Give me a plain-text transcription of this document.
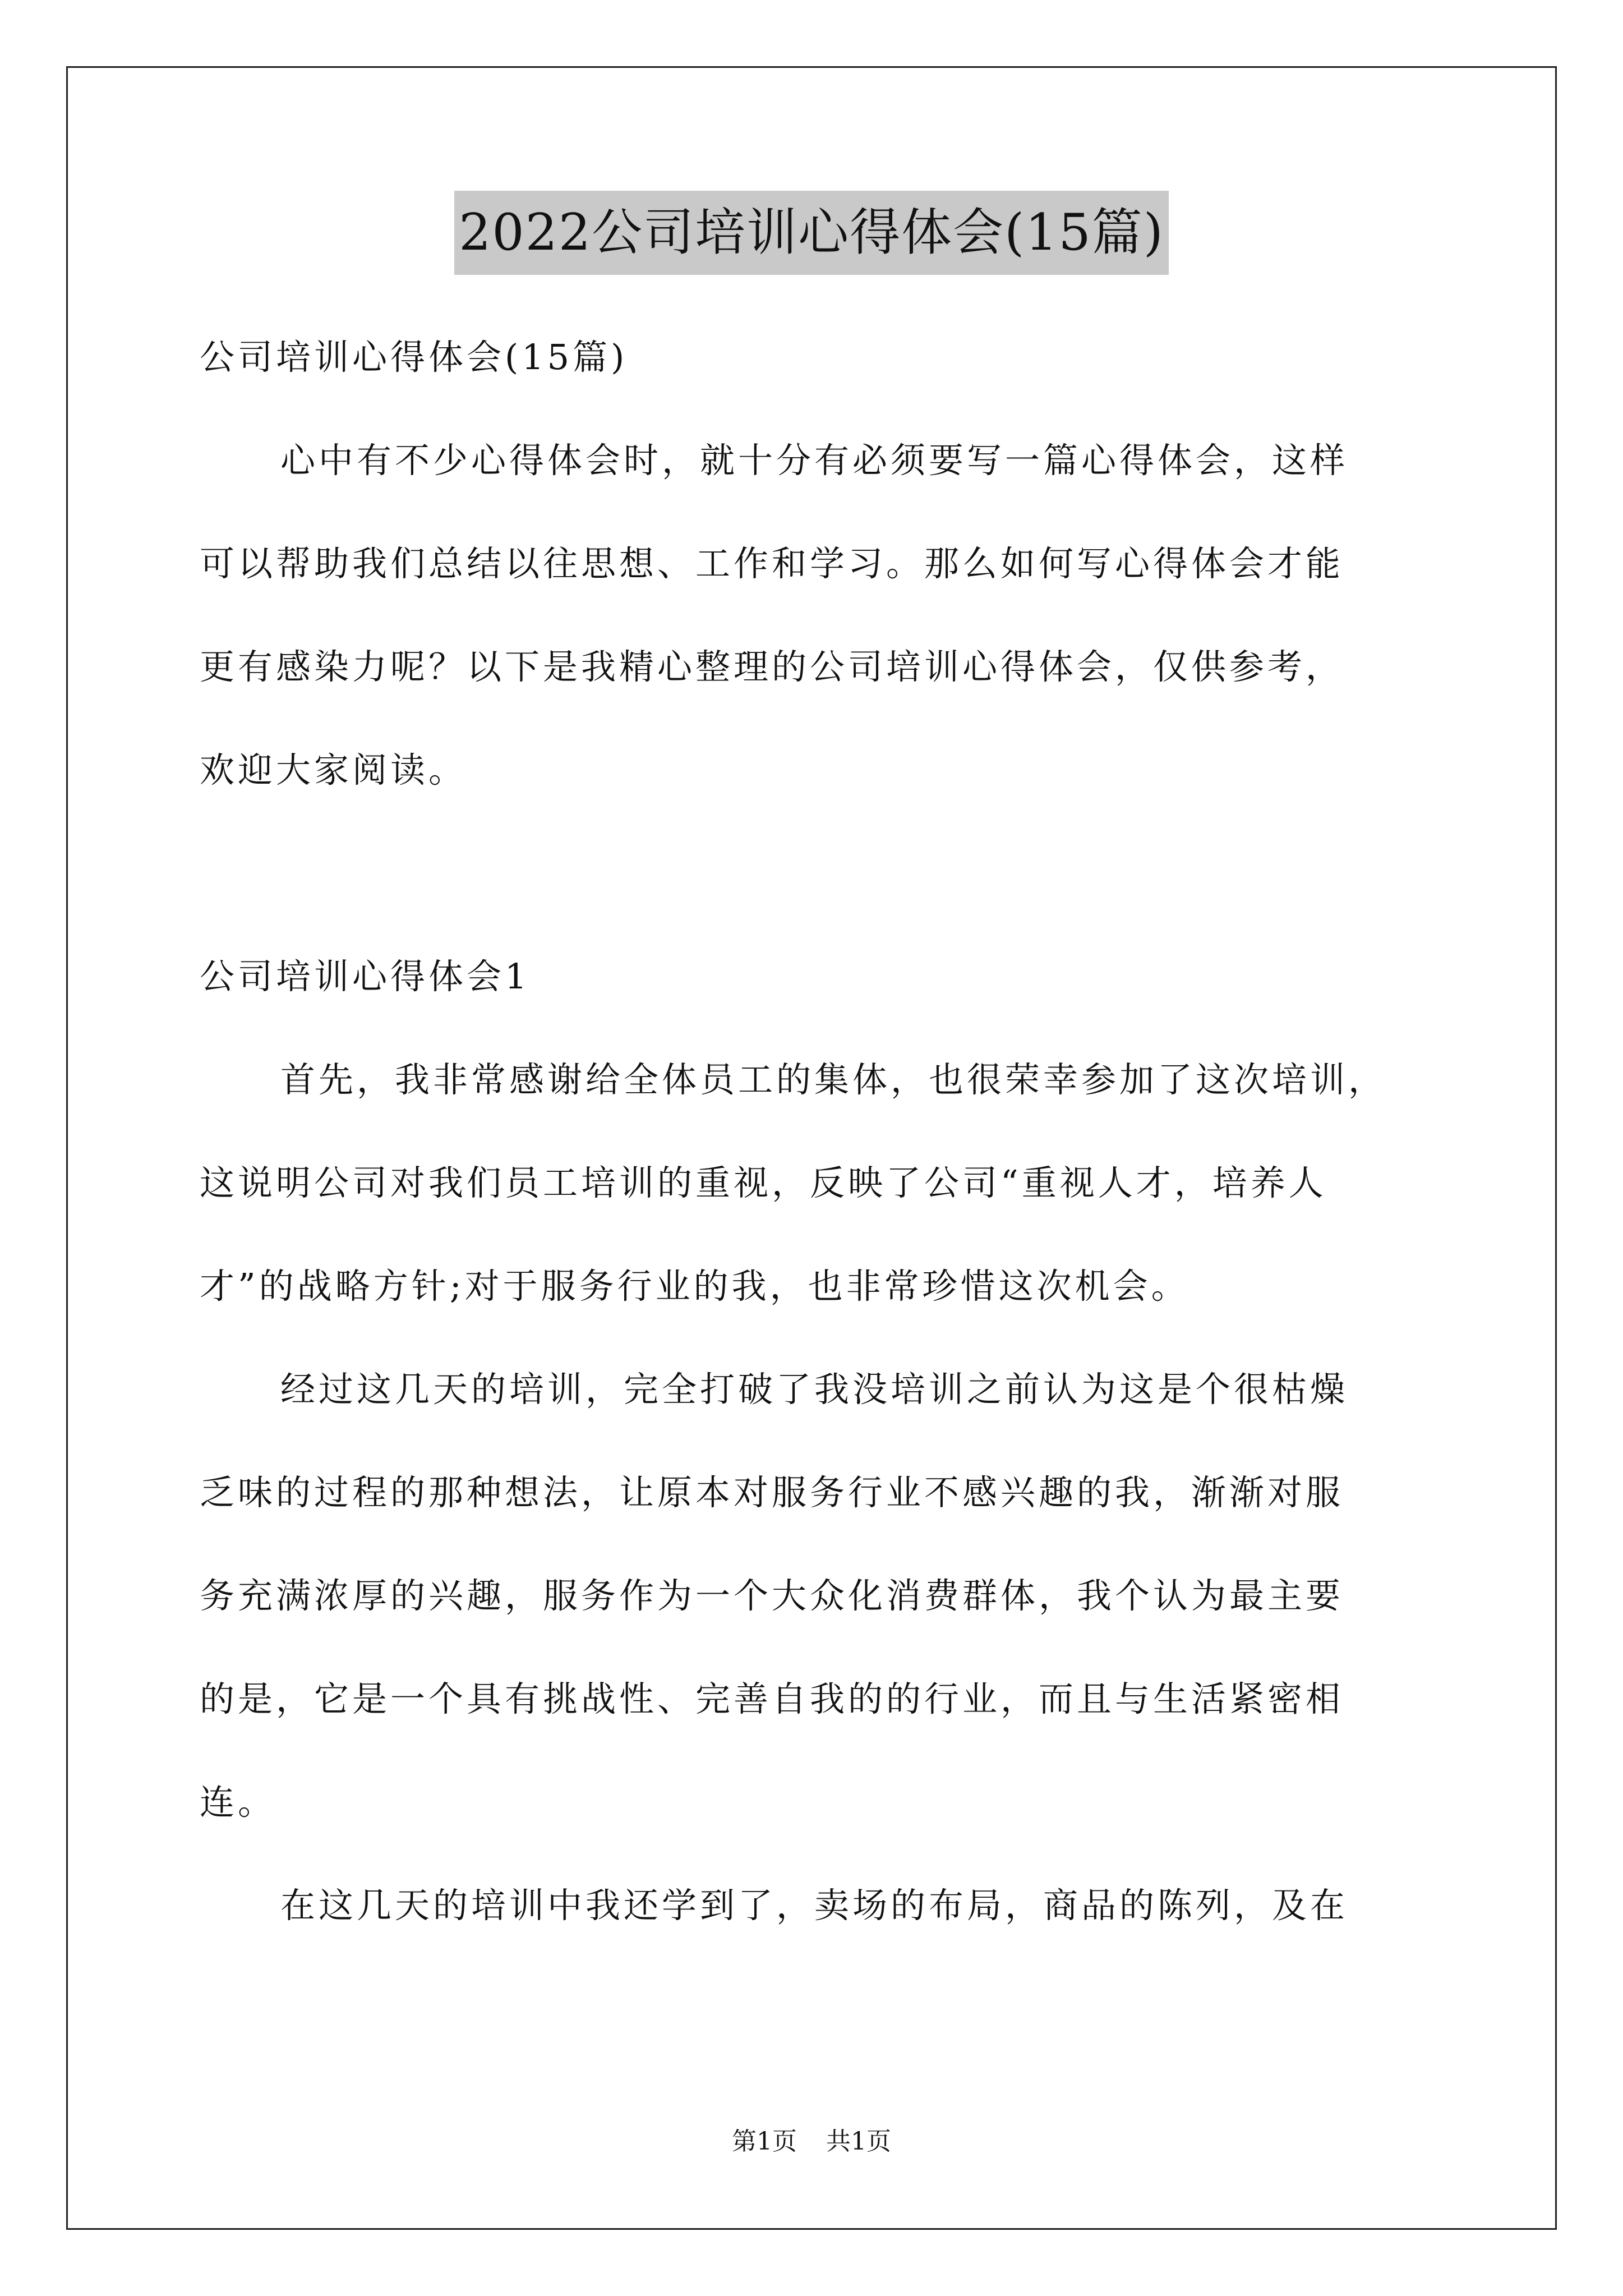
2022公司培训心得体会(15篇)
公司培训心得体会(15篇)
心中有不少心得体会时，就十分有必须要写一篇心得体会，这样
可以帮助我们总结以往思想、工作和学习。那么如何写心得体会才能
更有感染力呢？以下是我精心整理的公司培训心得体会，仅供参考，
欢迎大家阅读。
公司培训心得体会1
首先，我非常感谢给全体员工的集体，也很荣幸参加了这次培训，
这说明公司对我们员工培训的重视，反映了公司“重视人才，培养人
才”的战略方针;对于服务行业的我，也非常珍惜这次机会。
经过这几天的培训，完全打破了我没培训之前认为这是个很枯燥
乏味的过程的那种想法，让原本对服务行业不感兴趣的我，渐渐对服
务充满浓厚的兴趣，服务作为一个大众化消费群体，我个认为最主要
的是，它是一个具有挑战性、完善自我的的行业，而且与生活紧密相
连。
在这几天的培训中我还学到了，卖场的布局，商品的陈列，及在
第1页 共1页
